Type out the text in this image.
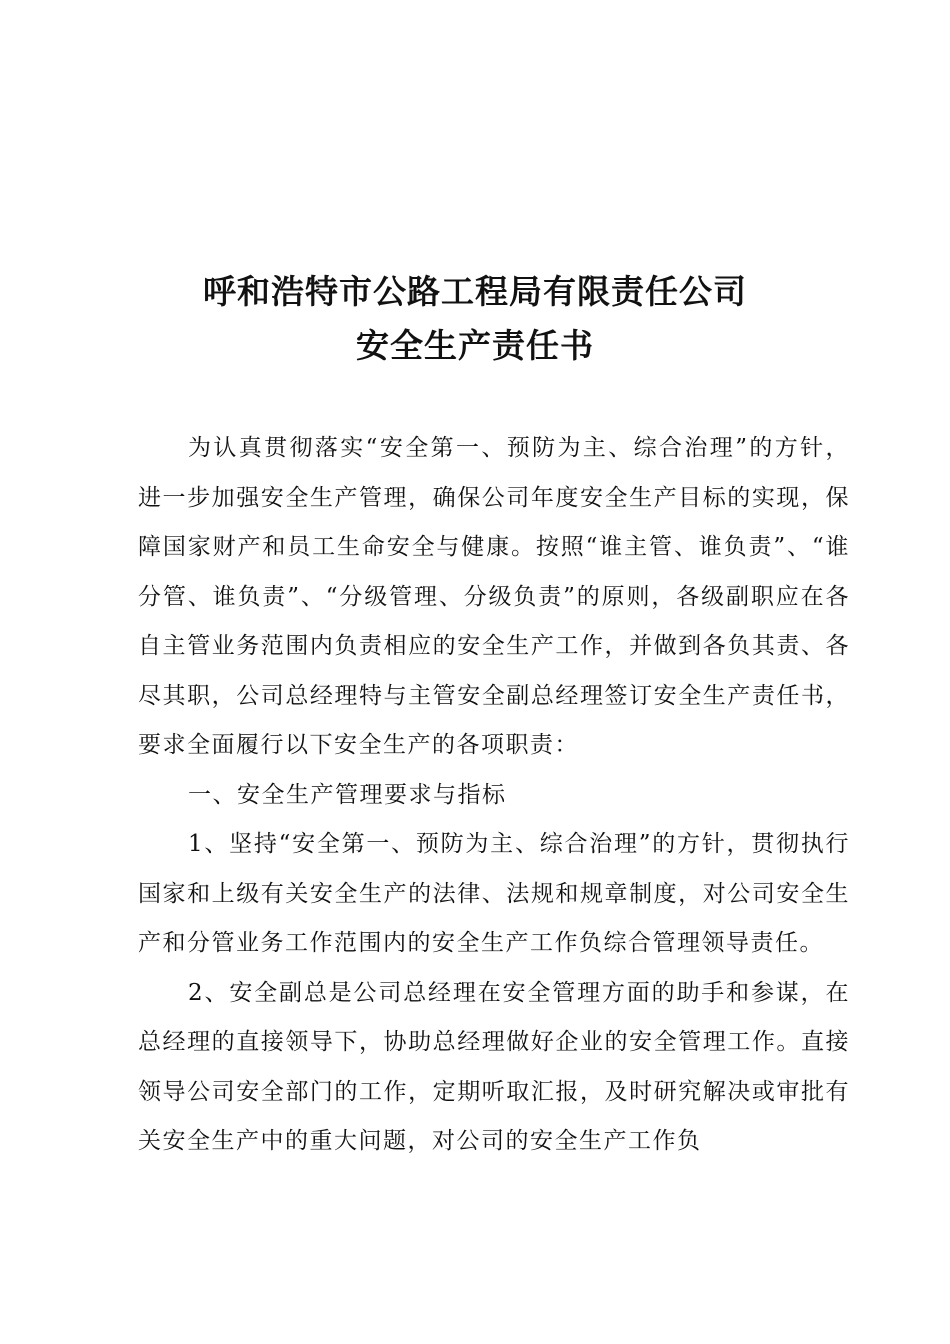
呼和浩特市公路工程局有限责任公司
安全生产责任书

为认真贯彻落实“安全第一、预防为主、综合治理”的方针，进一步加强安全生产管理，确保公司年度安全生产目标的实现，保障国家财产和员工生命安全与健康。按照“谁主管、谁负责”、“谁分管、谁负责”、“分级管理、分级负责”的原则，各级副职应在各自主管业务范围内负责相应的安全生产工作，并做到各负其责、各尽其职，公司总经理特与主管安全副总经理签订安全生产责任书，要求全面履行以下安全生产的各项职责：

一、安全生产管理要求与指标

1、坚持“安全第一、预防为主、综合治理”的方针，贯彻执行国家和上级有关安全生产的法律、法规和规章制度，对公司安全生产和分管业务工作范围内的安全生产工作负综合管理领导责任。

2、安全副总是公司总经理在安全管理方面的助手和参谋，在总经理的直接领导下，协助总经理做好企业的安全管理工作。直接领导公司安全部门的工作，定期听取汇报，及时研究解决或审批有关安全生产中的重大问题，对公司的安全生产工作负
